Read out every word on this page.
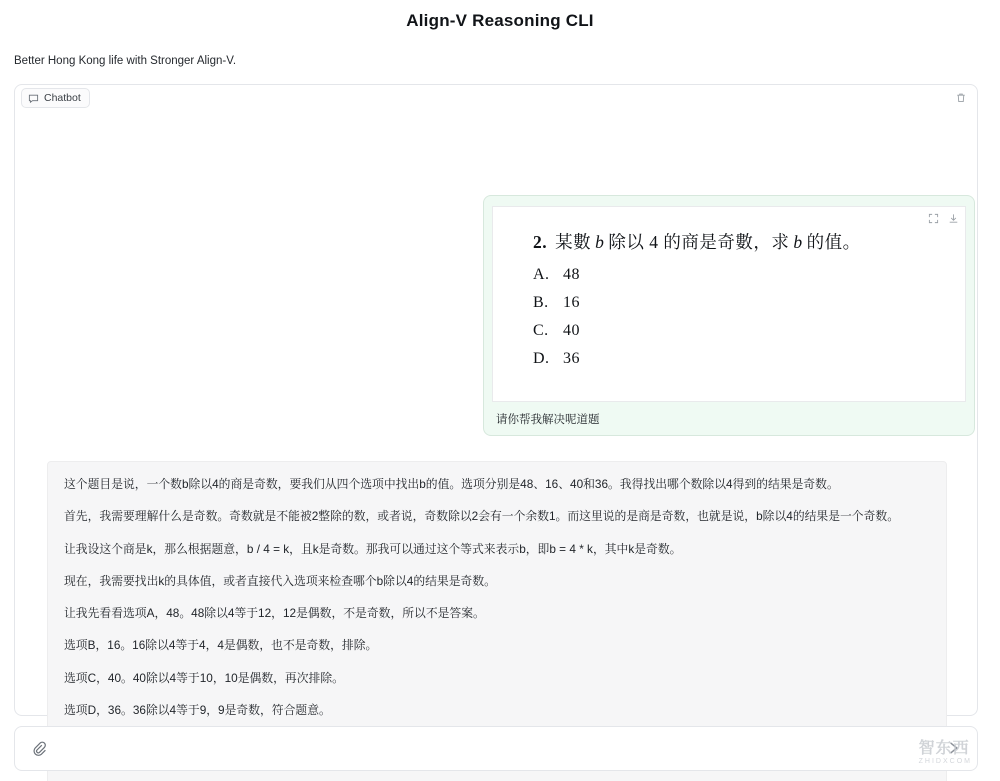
Align-V Reasoning CLI
Better Hong Kong life with Stronger Align-V.
Chatbot
2. 某數 b 除以 4 的商是奇數，求 b 的值。
A. 48
B. 16
C. 40
D. 36
请你帮我解决呢道题

这个题目是说，一个数b除以4的商是奇数，要我们从四个选项中找出b的值。选项分别是48、16、40和36。我得找出哪个数除以4得到的结果是奇数。

首先，我需要理解什么是奇数。奇数就是不能被2整除的数，或者说，奇数除以2会有一个余数1。而这里说的是商是奇数，也就是说，b除以4的结果是一个奇数。

让我设这个商是k，那么根据题意，b / 4 = k，且k是奇数。那我可以通过这个等式来表示b，即b = 4 * k，其中k是奇数。

现在，我需要找出k的具体值，或者直接代入选项来检查哪个b除以4的结果是奇数。

让我先看看选项A，48。48除以4等于12，12是偶数，不是奇数，所以不是答案。

选项B，16。16除以4等于4，4是偶数，也不是奇数，排除。

选项C，40。40除以4等于10，10是偶数，再次排除。

选项D，36。36除以4等于9，9是奇数，符合题意。

智东西
ZHIDXCOM
